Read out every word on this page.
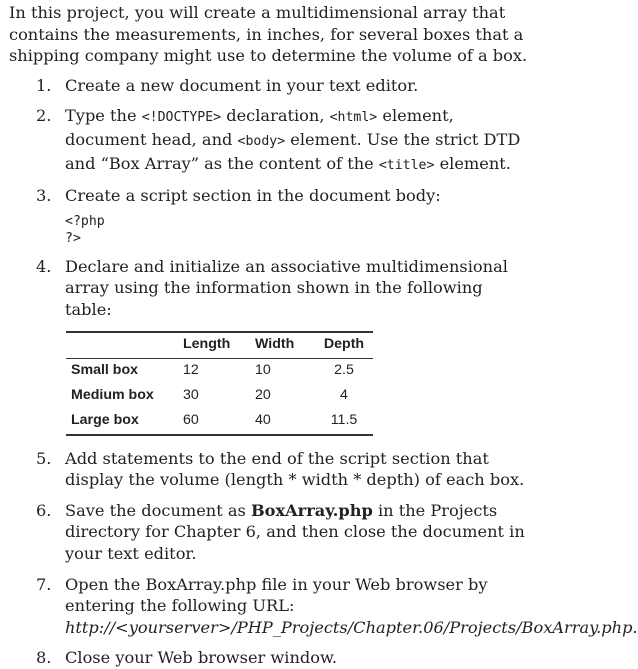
In this project, you will create a multidimensional array that contains the measurements, in inches, for several boxes that a shipping company might use to determine the volume of a box.

1. Create a new document in your text editor.
2. Type the <!DOCTYPE> declaration, <html> element, document head, and <body> element. Use the strict DTD and “Box Array” as the content of the <title> element.
3. Create a script section in the document body:
<?php
?>
4. Declare and initialize an associative multidimensional array using the information shown in the following table:
	Length	Width	Depth
Small box	12	10	2.5
Medium box	30	20	4
Large box	60	40	11.5
5. Add statements to the end of the script section that display the volume (length * width * depth) of each box.
6. Save the document as BoxArray.php in the Projects directory for Chapter 6, and then close the document in your text editor.
7. Open the BoxArray.php file in your Web browser by entering the following URL: http://<yourserver>/PHP_Projects/Chapter.06/Projects/BoxArray.php.
8. Close your Web browser window.
